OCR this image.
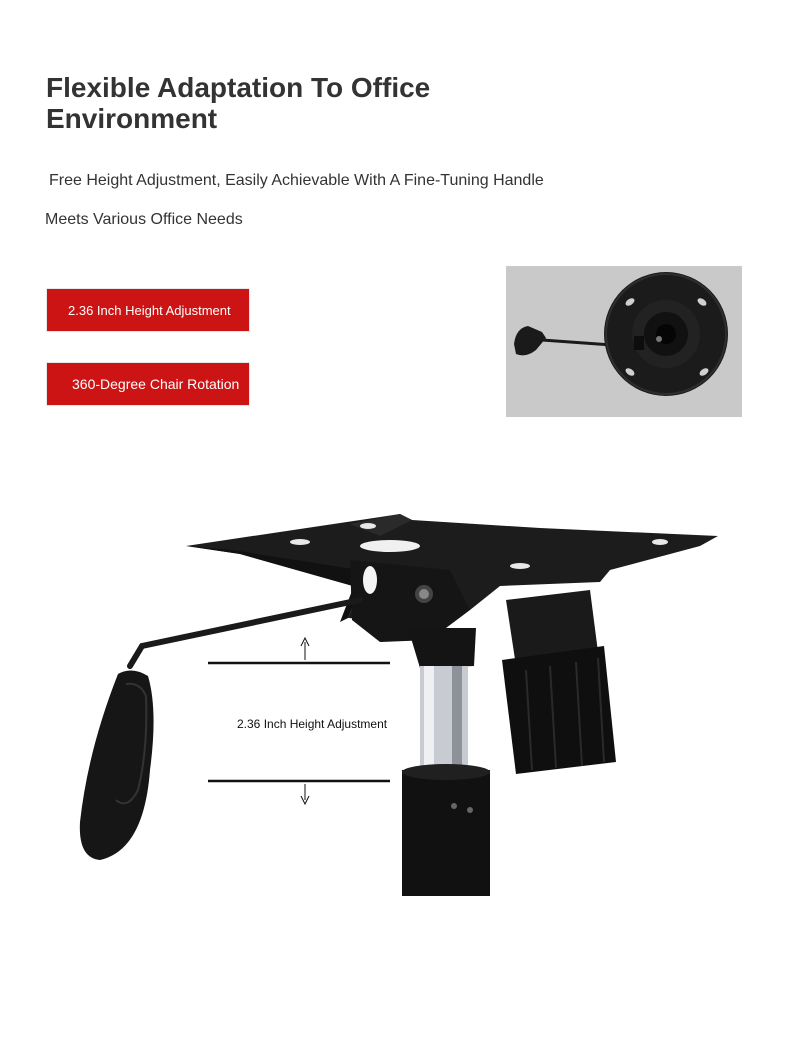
Flexible Adaptation To Office Environment
Free Height Adjustment, Easily Achievable With A Fine-Tuning Handle
Meets Various Office Needs
2.36 Inch Height Adjustment
360-Degree Chair Rotation
2.36 Inch Height Adjustment
